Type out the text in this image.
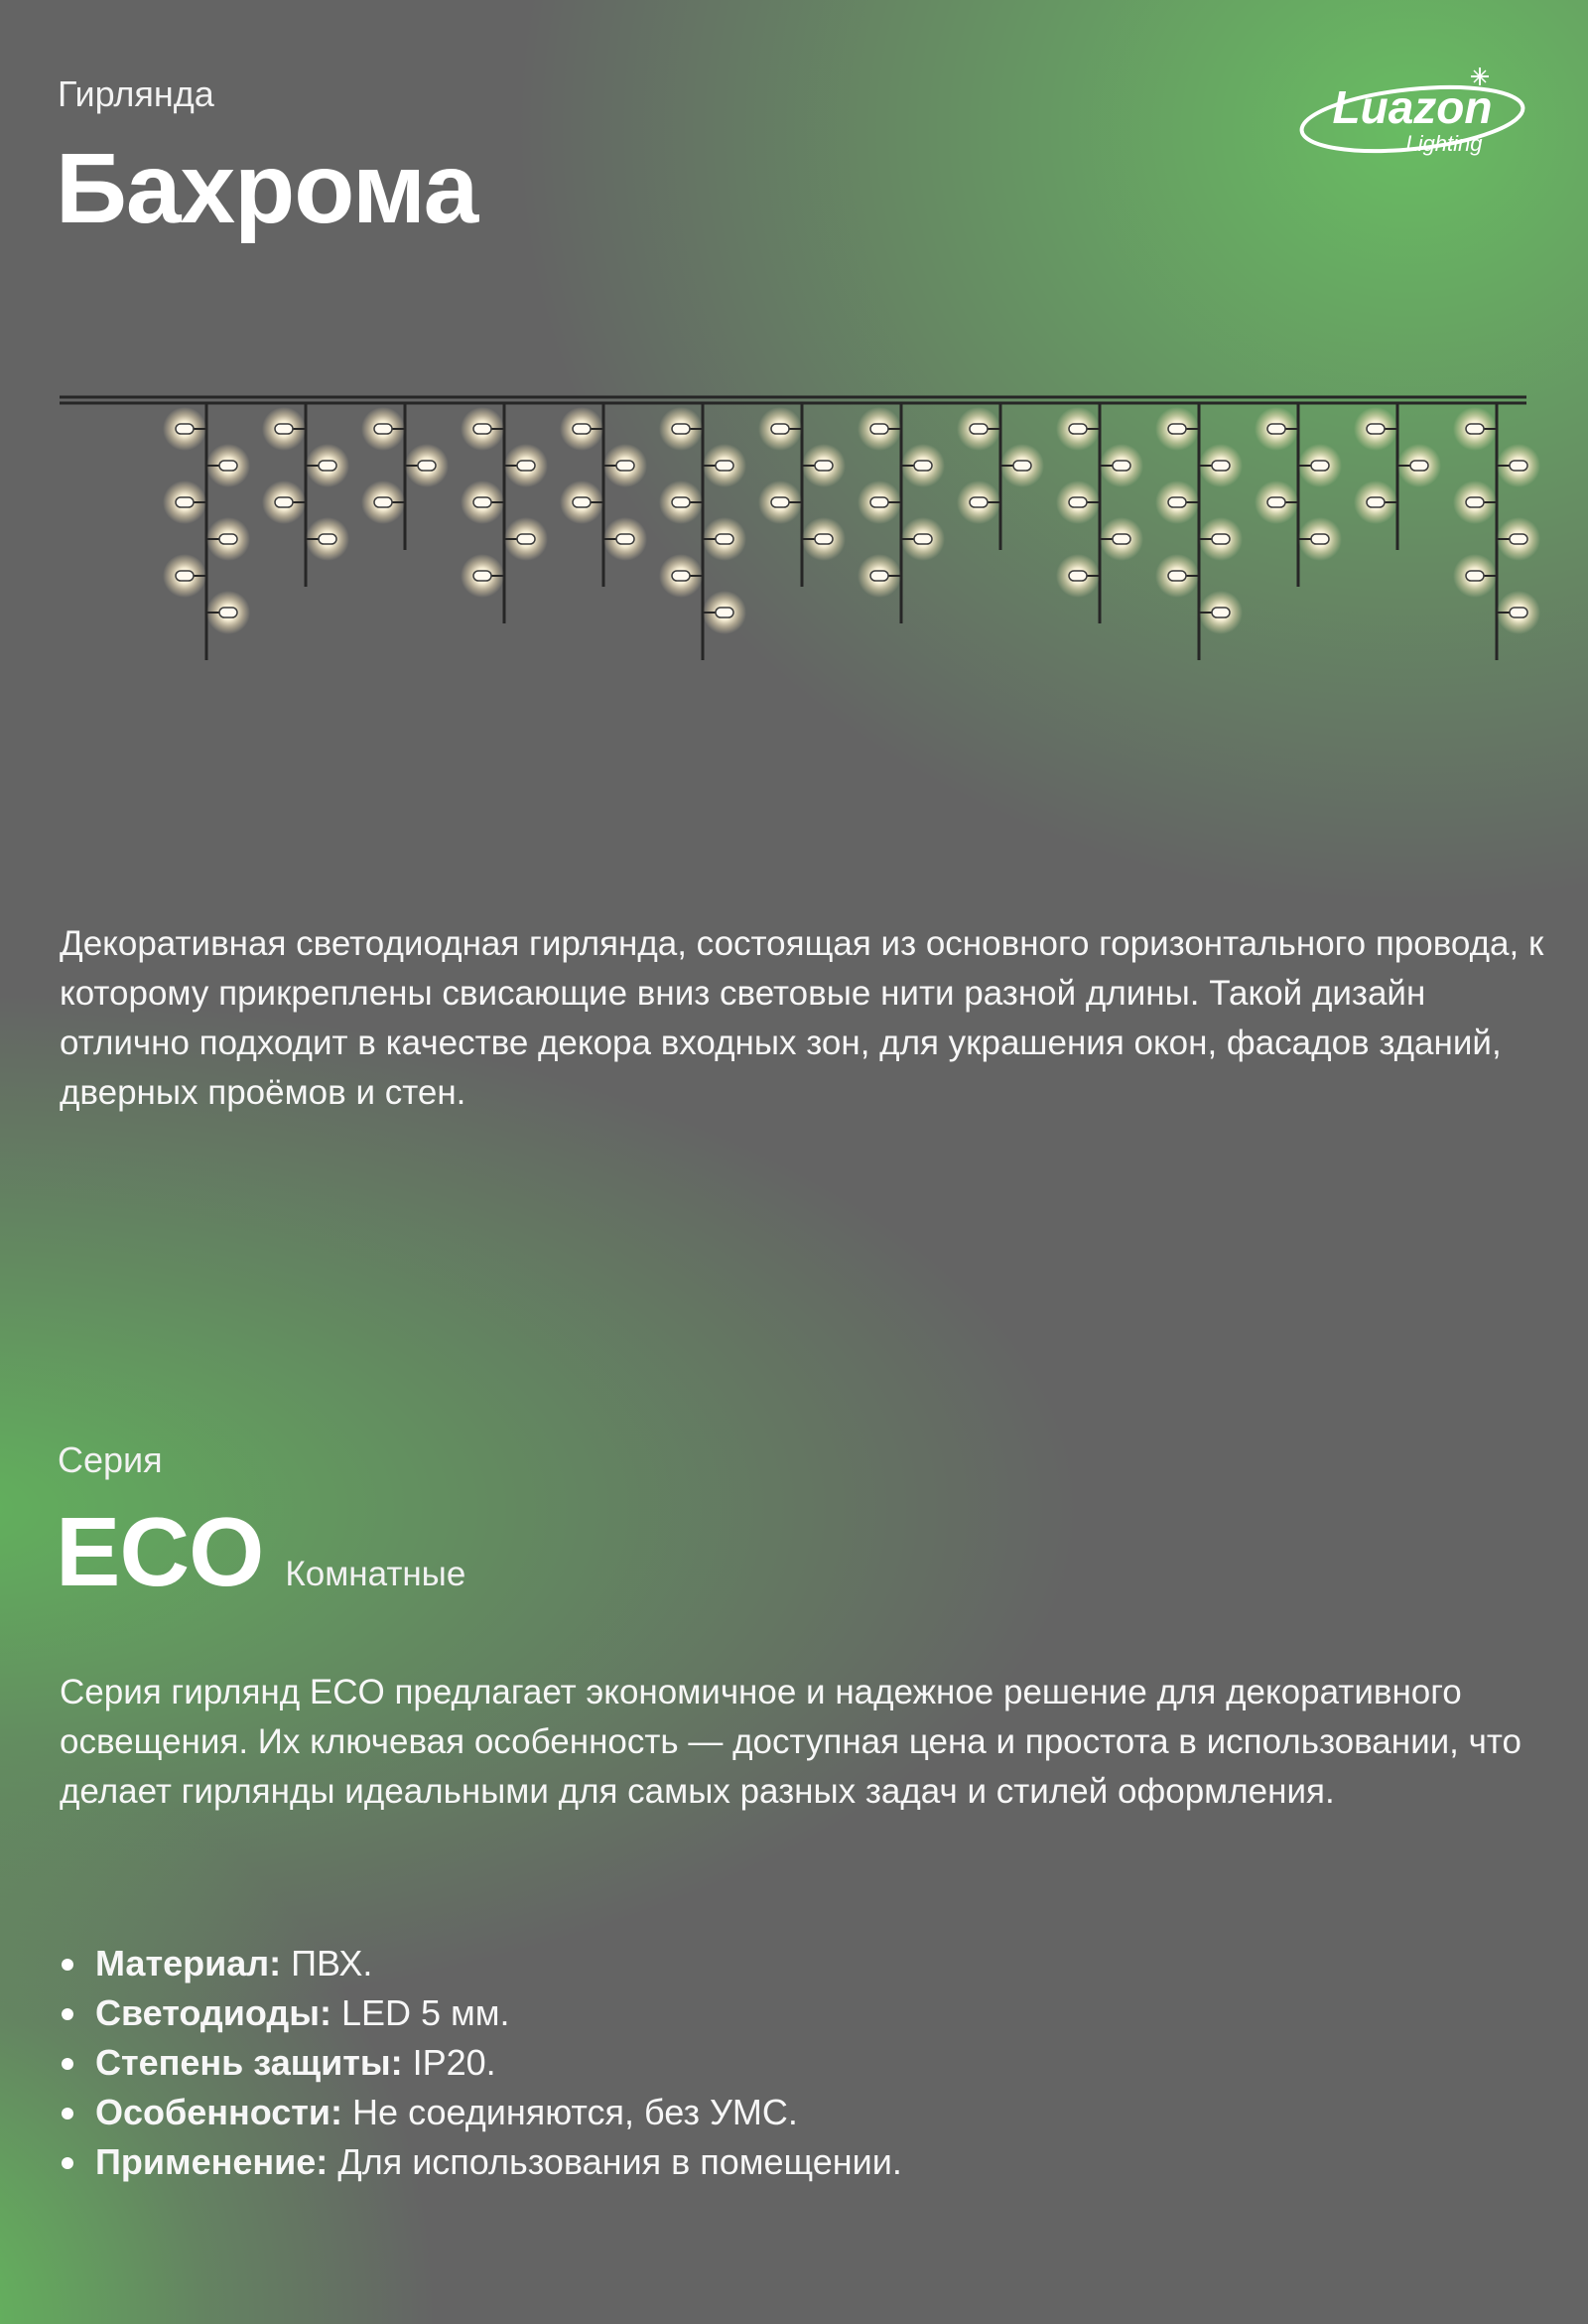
Гирлянда
Бахрома
Luazon
Lighting
Декоративная светодиодная гирлянда, состоящая из основного горизонтального провода, к которому прикреплены свисающие вниз световые нити разной длины. Такой дизайн отлично подходит в качестве декора входных зон, для украшения окон, фасадов зданий, дверных проёмов и стен.
Серия
ECO Комнатные
Серия гирлянд ECO предлагает экономичное и надежное решение для декоративного освещения. Их ключевая особенность — доступная цена и простота в использовании, что делает гирлянды идеальными для самых разных задач и стилей оформления.
Материал: ПВХ.
Светодиоды: LED 5 мм.
Степень защиты: IP20.
Особенности: Не соединяются, без УМС.
Применение: Для использования в помещении.
